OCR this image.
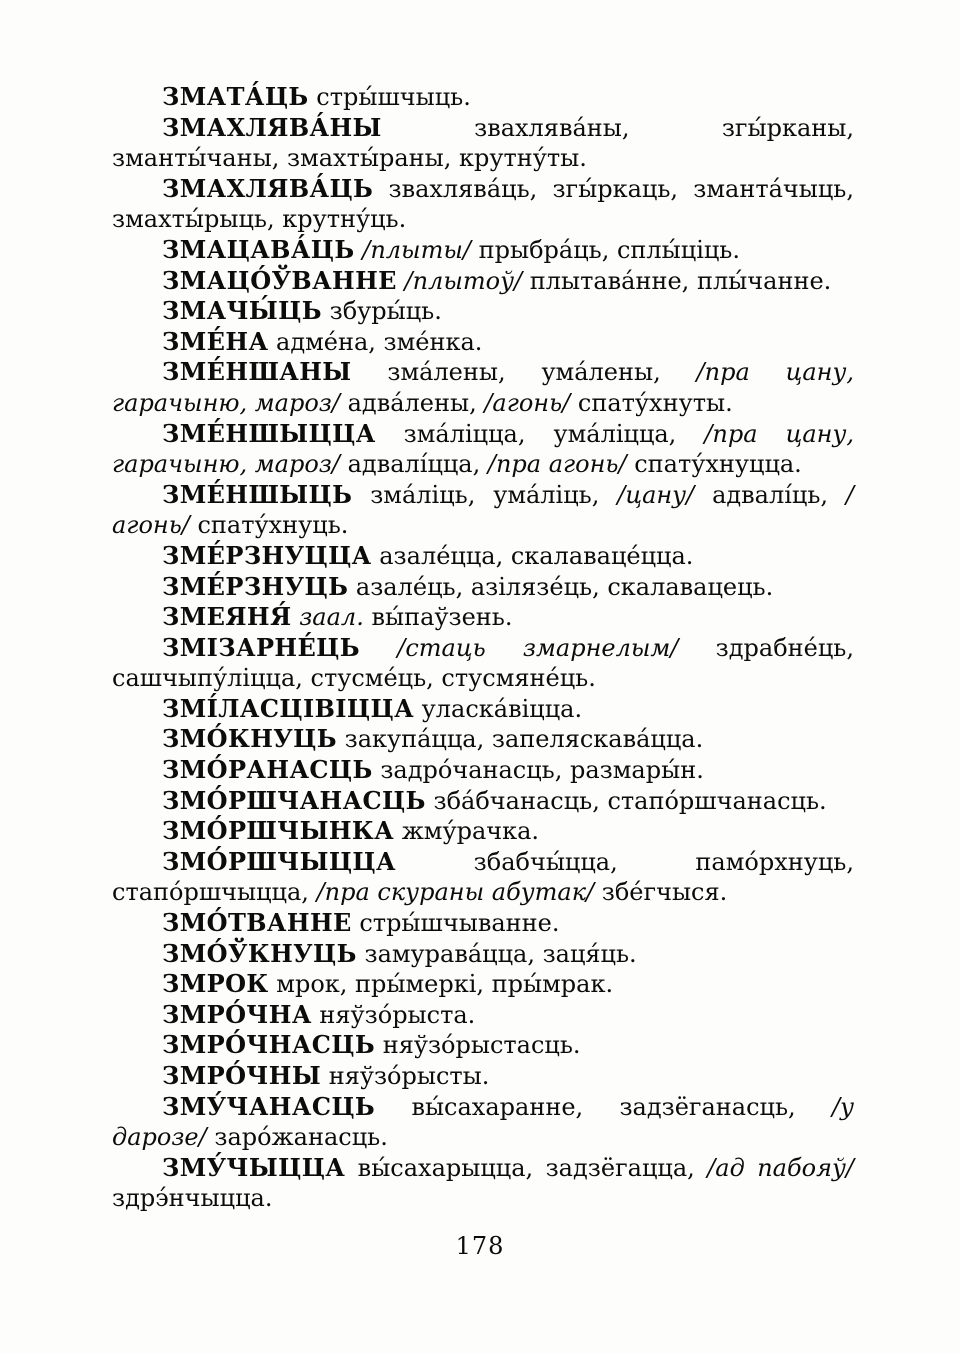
ЗМАТА́ЦЬ стры́шчыць.

ЗМАХЛЯВА́НЫ звахлява́ны, згы́рканы, зманты́чаны, змахты́раны, крутну́ты.

ЗМАХЛЯВА́ЦЬ звахлява́ць, згы́ркаць, зманта́чыць, змахты́рыць, крутну́ць.

ЗМАЦАВА́ЦЬ /плыты/ прыбра́ць, сплы́ціць.

ЗМАЦО́ЎВАННЕ /плытоў/ плытава́нне, плы́чанне.

ЗМАЧЫ́ЦЬ збуры́ць.

ЗМЕ́НА адме́на, зме́нка.

ЗМЕ́НШАНЫ зма́лены, ума́лены, /пра цану, гарачыню, мароз/ адва́лены, /агонь/ спату́хнуты.

ЗМЕ́НШЫЦЦА зма́ліцца, ума́ліцца, /пра цану, гарачыню, мароз/ адвалі́цца, /пра агонь/ спату́хнуцца.

ЗМЕ́НШЫЦЬ зма́ліць, ума́ліць, /цану/ адвалі́ць, /агонь/ спату́хнуць.

ЗМЕ́РЗНУЦЦА азале́цца, скалаваце́цца.

ЗМЕ́РЗНУЦЬ азале́ць, азілязе́ць, скалавацець.

ЗМЕЯНЯ́ заал. вы́паўзень.

ЗМІЗАРНЕ́ЦЬ /стаць змарнелым/ здрабне́ць, сашчыпу́ліцца, стусме́ць, стусмяне́ць.

ЗМІ́ЛАСЦІВІЦЦА уласка́віцца.

ЗМО́КНУЦЬ закупа́цца, запеляскава́цца.

ЗМО́РАНАСЦЬ задро́чанасць, размары́н.

ЗМО́РШЧАНАСЦЬ зба́бчанасць, стапо́ршчанасць.

ЗМО́РШЧЫНКА жму́рачка.

ЗМО́РШЧЫЦЦА збабчы́цца, памо́рхнуць, стапо́ршчыцца, /пра скураны абутак/ збе́гчыся.

ЗМО́ТВАННЕ стры́шчыванне.

ЗМО́ЎКНУЦЬ замурава́цца, заця́ць.

ЗМРОК мрок, пры́меркі, пры́мрак.

ЗМРО́ЧНА няўзо́рыста.

ЗМРО́ЧНАСЦЬ няўзо́рыстасць.

ЗМРО́ЧНЫ няўзо́рысты.

ЗМУ́ЧАНАСЦЬ вы́сахаранне, задзёганасць, /у дарозе/ заро́жанасць.

ЗМУ́ЧЫЦЦА вы́сахарыцца, задзёгацца, /ад пабояў/ здрэ́нчыцца.

178
